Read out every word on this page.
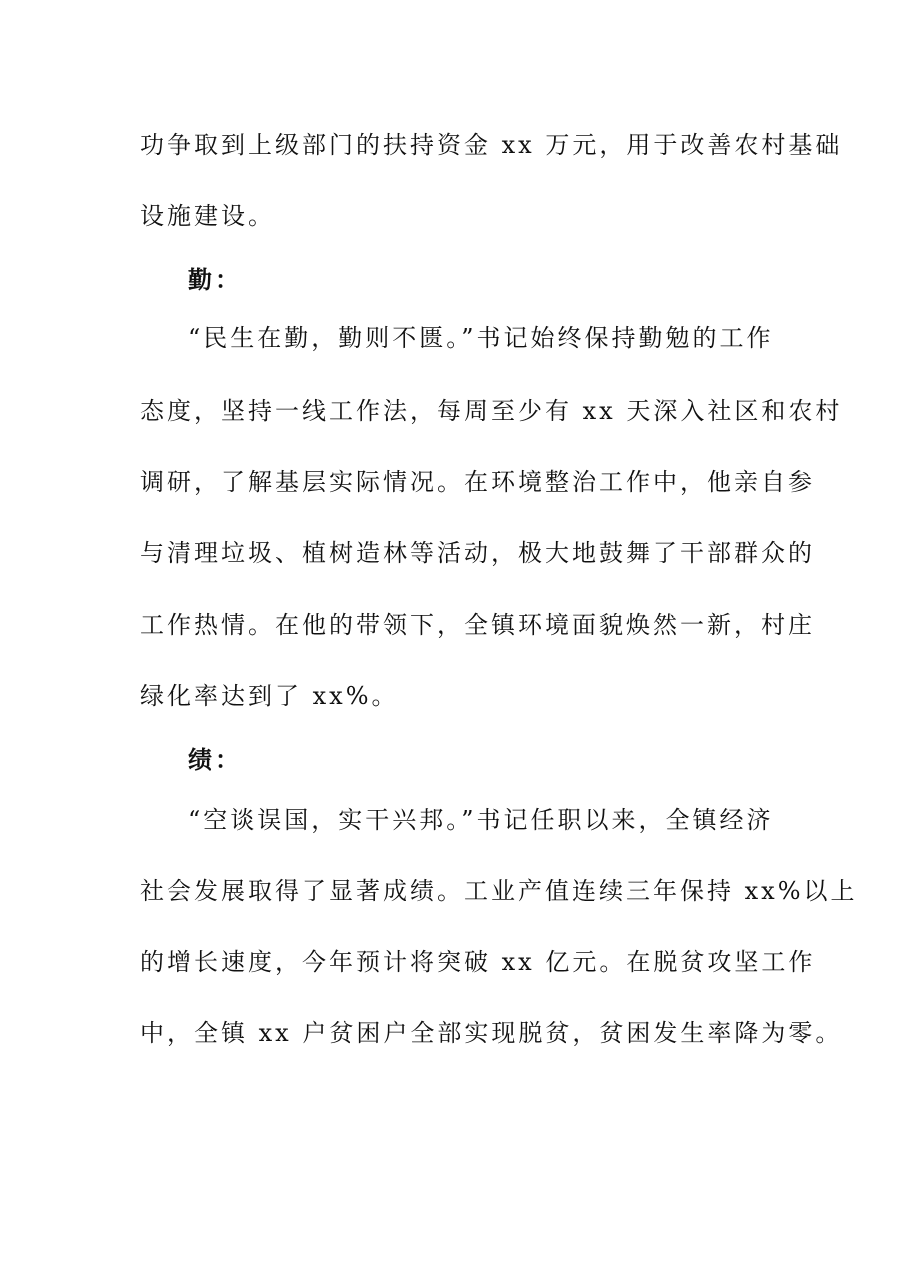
功争取到上级部门的扶持资金 xx 万元，用于改善农村基础
设施建设。
勤：
“民生在勤，勤则不匮。”书记始终保持勤勉的工作
态度，坚持一线工作法，每周至少有 xx 天深入社区和农村
调研，了解基层实际情况。在环境整治工作中，他亲自参
与清理垃圾、植树造林等活动，极大地鼓舞了干部群众的
工作热情。在他的带领下，全镇环境面貌焕然一新，村庄
绿化率达到了 xx%。
绩：
“空谈误国，实干兴邦。”书记任职以来，全镇经济
社会发展取得了显著成绩。工业产值连续三年保持 xx%以上
的增长速度，今年预计将突破 xx 亿元。在脱贫攻坚工作
中，全镇 xx 户贫困户全部实现脱贫，贫困发生率降为零。
